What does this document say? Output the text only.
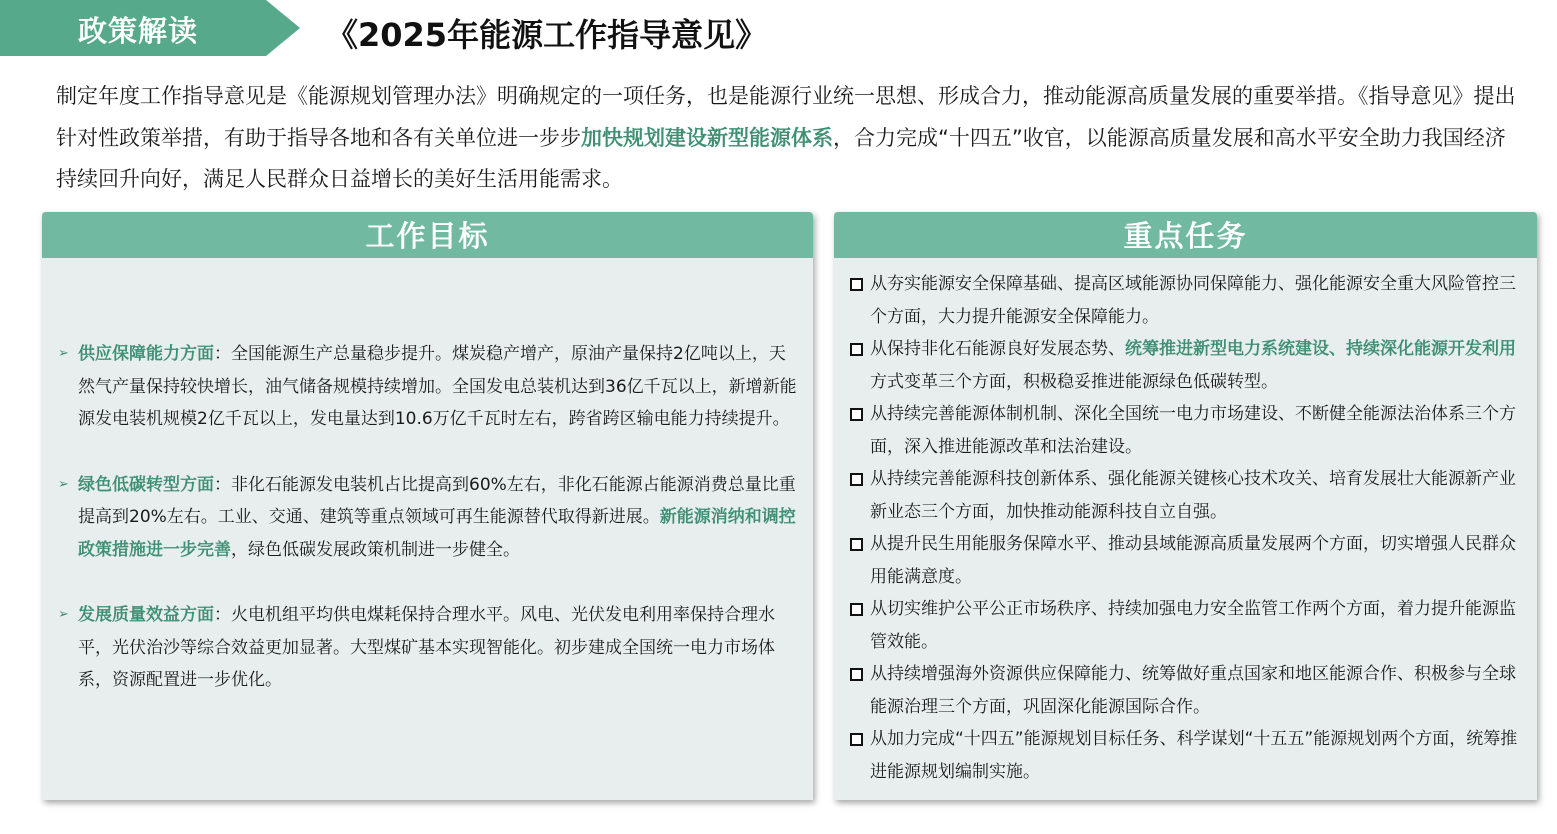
政策解读	《2025年能源工作指导意见》
制定年度工作指导意见是《能源规划管理办法》明确规定的一项任务，也是能源行业统一思想、形成合力，推动能源高质量发展的重要举措。《指导意见》提出针对性政策举措，有助于指导各地和各有关单位进一步步加快规划建设新型能源体系，合力完成“十四五”收官，以能源高质量发展和高水平安全助力我国经济持续回升向好，满足人民群众日益增长的美好生活用能需求。
工作目标
➢ 供应保障能力方面：全国能源生产总量稳步提升。煤炭稳产增产，原油产量保持2亿吨以上，天然气产量保持较快增长，油气储备规模持续增加。全国发电总装机达到36亿千瓦以上，新增新能源发电装机规模2亿千瓦以上，发电量达到10.6万亿千瓦时左右，跨省跨区输电能力持续提升。
➢ 绿色低碳转型方面：非化石能源发电装机占比提高到60%左右，非化石能源占能源消费总量比重提高到20%左右。工业、交通、建筑等重点领域可再生能源替代取得新进展。新能源消纳和调控政策措施进一步完善，绿色低碳发展政策机制进一步健全。
➢ 发展质量效益方面：火电机组平均供电煤耗保持合理水平。风电、光伏发电利用率保持合理水平，光伏治沙等综合效益更加显著。大型煤矿基本实现智能化。初步建成全国统一电力市场体系，资源配置进一步优化。
重点任务
从夯实能源安全保障基础、提高区域能源协同保障能力、强化能源安全重大风险管控三个方面，大力提升能源安全保障能力。
从保持非化石能源良好发展态势、统筹推进新型电力系统建设、持续深化能源开发利用方式变革三个方面，积极稳妥推进能源绿色低碳转型。
从持续完善能源体制机制、深化全国统一电力市场建设、不断健全能源法治体系三个方面，深入推进能源改革和法治建设。
从持续完善能源科技创新体系、强化能源关键核心技术攻关、培育发展壮大能源新产业新业态三个方面，加快推动能源科技自立自强。
从提升民生用能服务保障水平、推动县域能源高质量发展两个方面，切实增强人民群众用能满意度。
从切实维护公平公正市场秩序、持续加强电力安全监管工作两个方面，着力提升能源监管效能。
从持续增强海外资源供应保障能力、统筹做好重点国家和地区能源合作、积极参与全球能源治理三个方面，巩固深化能源国际合作。
从加力完成“十四五”能源规划目标任务、科学谋划“十五五”能源规划两个方面，统筹推进能源规划编制实施。
